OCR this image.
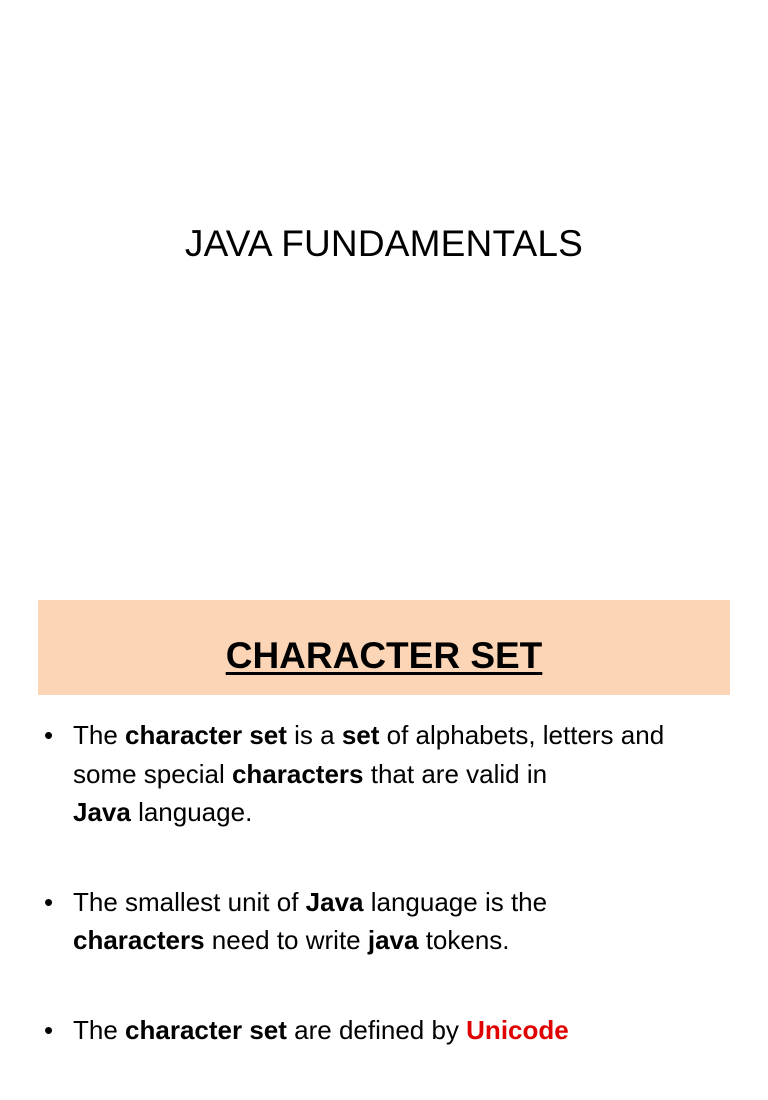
JAVA FUNDAMENTALS
CHARACTER SET
• The character set is a set of alphabets, letters and some special characters that are valid in
Java language.
• The smallest unit of Java language is the
characters need to write java tokens.
• The character set are defined by Unicode
